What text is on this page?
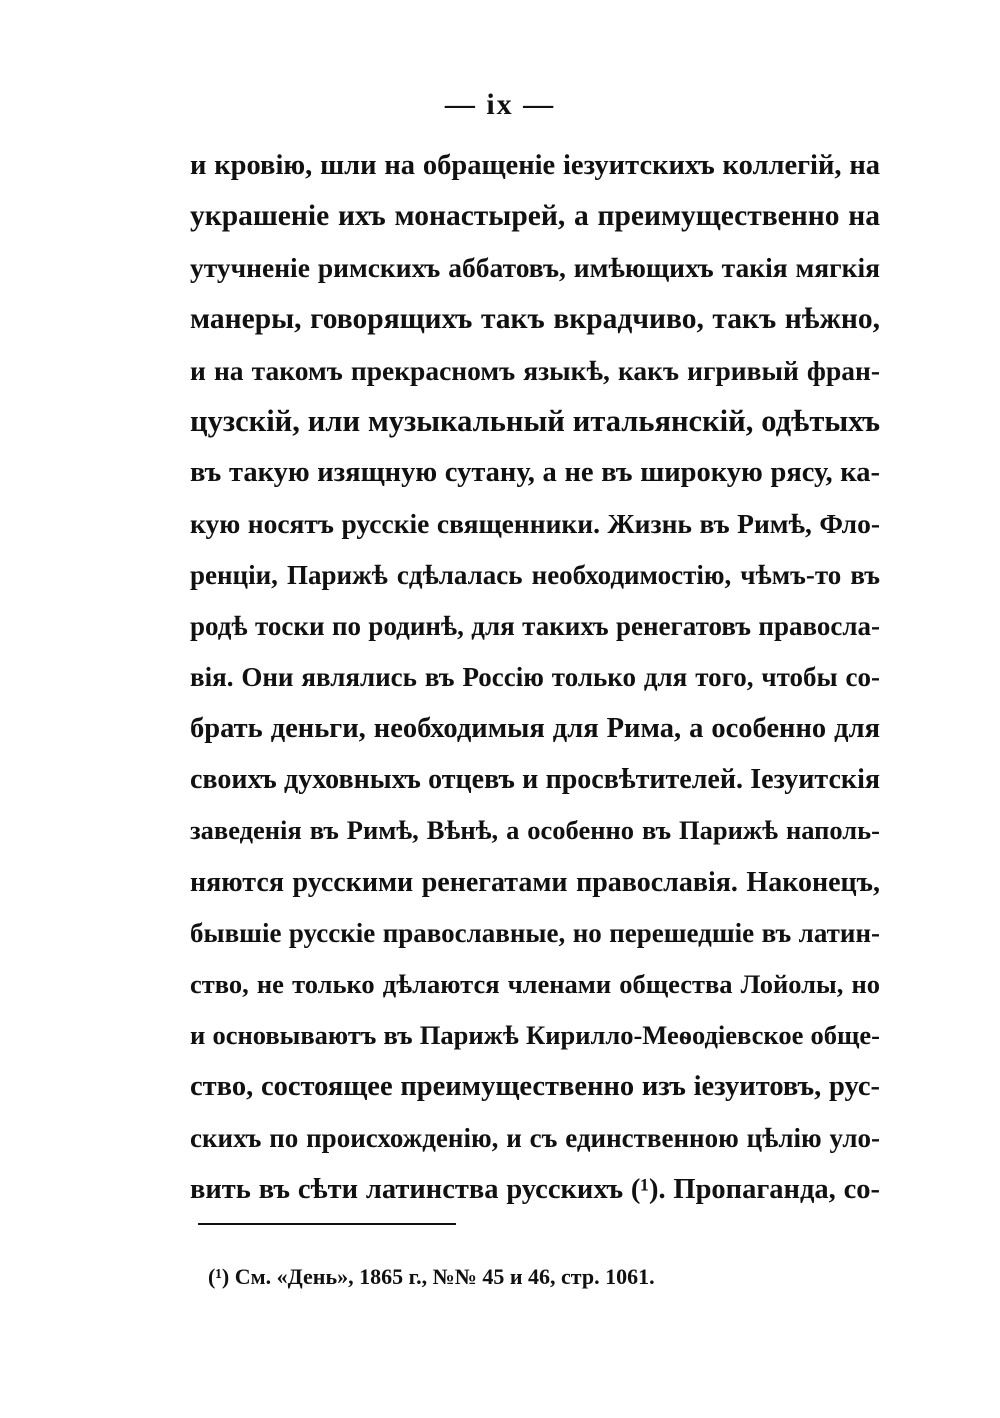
— ix —
и кровію, шли на обращеніе іезуитскихъ коллегій, на
украшеніе ихъ монастырей, а преимущественно на
утучненіе римскихъ аббатовъ, имѣющихъ такія мягкія
манеры, говорящихъ такъ вкрадчиво, такъ нѣжно,
и на такомъ прекрасномъ языкѣ, какъ игривый фран-
цузскій, или музыкальный итальянскій, одѣтыхъ
въ такую изящную сутану, а не въ широкую рясу, ка-
кую носятъ русскіе священники. Жизнь въ Римѣ, Фло-
ренціи, Парижѣ сдѣлалась необходимостію, чѣмъ-то въ
родѣ тоски по родинѣ, для такихъ ренегатовъ правосла-
вія. Они являлись въ Россію только для того, чтобы со-
брать деньги, необходимыя для Рима, а особенно для
своихъ духовныхъ отцевъ и просвѣтителей. Іезуитскія
заведенія въ Римѣ, Вѣнѣ, а особенно въ Парижѣ наполь-
няются русскими ренегатами православія. Наконецъ,
бывшіе русскіе православные, но перешедшіе въ латин-
ство, не только дѣлаются членами общества Лойолы, но
и основываютъ въ Парижѣ Кирилло-Меѳодіевское обще-
ство, состоящее преимущественно изъ іезуитовъ, рус-
скихъ по происхожденію, и съ единственною цѣлію уло-
вить въ сѣти латинства русскихъ (¹). Пропаганда, со-
(¹) См. «День», 1865 г., №№ 45 и 46, стр. 1061.
